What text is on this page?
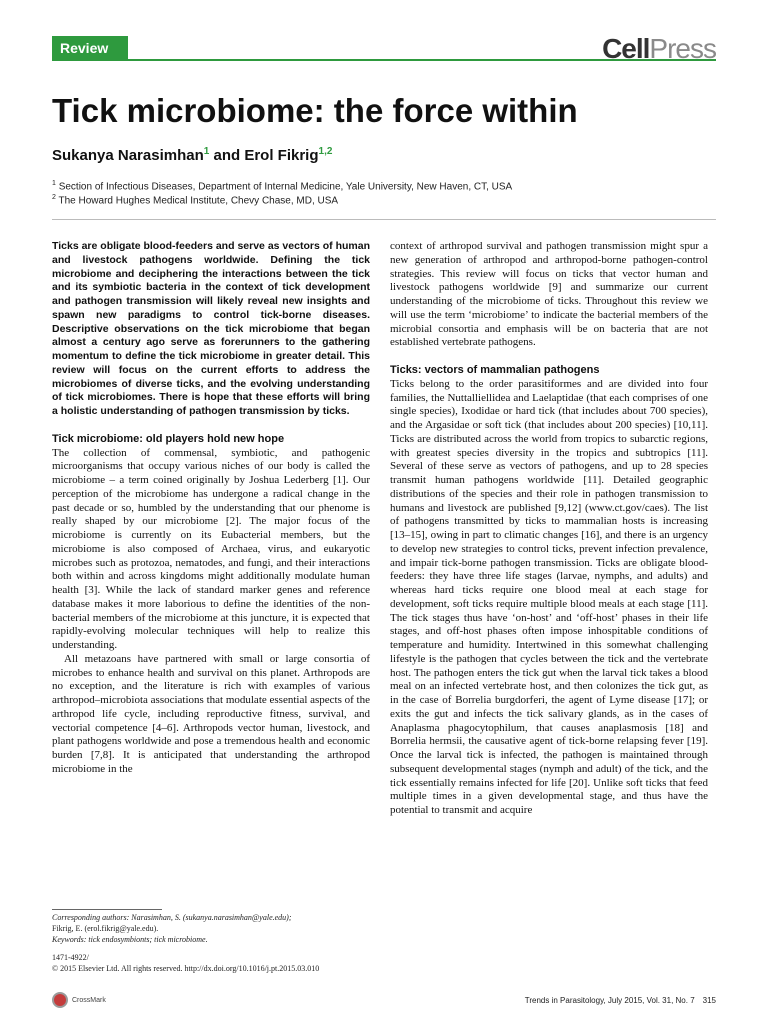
Review	CellPress
Tick microbiome: the force within
Sukanya Narasimhan$^1$ and Erol Fikrig$^{1,2}$
$^1$ Section of Infectious Diseases, Department of Internal Medicine, Yale University, New Haven, CT, USA
$^2$ The Howard Hughes Medical Institute, Chevy Chase, MD, USA

Ticks are obligate blood-feeders and serve as vectors of human and livestock pathogens worldwide. Defining the tick microbiome and deciphering the interactions between the tick and its symbiotic bacteria in the context of tick development and pathogen transmission will likely reveal new insights and spawn new paradigms to control tick-borne diseases. Descriptive observations on the tick microbiome that began almost a century ago serve as forerunners to the gathering momentum to define the tick microbiome in greater detail. This review will focus on the current efforts to address the microbiomes of diverse ticks, and the evolving understanding of tick microbiomes. There is hope that these efforts will bring a holistic understanding of pathogen transmission by ticks.

Tick microbiome: old players hold new hope

The collection of commensal, symbiotic, and pathogenic microorganisms that occupy various niches of our body is called the microbiome – a term coined originally by Joshua Lederberg [1]. Our perception of the microbiome has undergone a radical change in the past decade or so, humbled by the understanding that our phenome is really shaped by our microbiome [2]. The major focus of the microbiome is currently on its Eubacterial members, but the microbiome is also composed of Archaea, virus, and eukaryotic microbes such as protozoa, nematodes, and fungi, and their interactions both within and across kingdoms might additionally modulate human health [3]. While the lack of standard marker genes and reference database makes it more laborious to define the identities of the non-bacterial members of the microbiome at this juncture, it is expected that rapidly-evolving molecular techniques will help to realize this understanding.

All metazoans have partnered with small or large consortia of microbes to enhance health and survival on this planet. Arthropods are no exception, and the literature is rich with examples of various arthropod–microbiota associations that modulate essential aspects of the arthropod life cycle, including reproductive fitness, survival, and vectorial competence [4–6]. Arthropods vector human, livestock, and plant pathogens worldwide and pose a tremendous health and economic burden [7,8]. It is anticipated that understanding the arthropod microbiome in the

Corresponding authors: Narasimhan, S. (sukanya.narasimhan@yale.edu);
Fikrig, E. (erol.fikrig@yale.edu).
Keywords: tick endosymbionts; tick microbiome.
1471-4922/
© 2015 Elsevier Ltd. All rights reserved. http://dx.doi.org/10.1016/j.pt.2015.03.010
CrossMark

context of arthropod survival and pathogen transmission might spur a new generation of arthropod and arthropod-borne pathogen-control strategies. This review will focus on ticks that vector human and livestock pathogens worldwide [9] and summarize our current understanding of the microbiome of ticks. Throughout this review we will use the term ‘microbiome’ to indicate the bacterial members of the microbial consortia and emphasis will be on bacteria that are not established vertebrate pathogens.

Ticks: vectors of mammalian pathogens

Ticks belong to the order parasitiformes and are divided into four families, the Nuttalliellidea and Laelaptidae (that each comprises of one single species), Ixodidae or hard tick (that includes about 700 species), and the Argasidae or soft tick (that includes about 200 species) [10,11]. Ticks are distributed across the world from tropics to subarctic regions, with greatest species diversity in the tropics and subtropics [11]. Several of these serve as vectors of pathogens, and up to 28 species transmit human pathogens worldwide [11]. Detailed geographic distributions of the species and their role in pathogen transmission to humans and livestock are published [9,12] (www.ct.gov/caes). The list of pathogens transmitted by ticks to mammalian hosts is increasing [13–15], owing in part to climatic changes [16], and there is an urgency to develop new strategies to control ticks, prevent infection prevalence, and impair tick-borne pathogen transmission. Ticks are obligate blood-feeders: they have three life stages (larvae, nymphs, and adults) and whereas hard ticks require one blood meal at each stage for development, soft ticks require multiple blood meals at each stage [11]. The tick stages thus have ‘on-host’ and ‘off-host’ phases in their life stages, and off-host phases often impose inhospitable conditions of temperature and humidity. Intertwined in this somewhat challenging lifestyle is the pathogen that cycles between the tick and the vertebrate host. The pathogen enters the tick gut when the larval tick takes a blood meal on an infected vertebrate host, and then colonizes the tick gut, as in the case of Borrelia burgdorferi, the agent of Lyme disease [17]; or exits the gut and infects the tick salivary glands, as in the cases of Anaplasma phagocytophilum, that causes anaplasmosis [18] and Borrelia hermsii, the causative agent of tick-borne relapsing fever [19]. Once the larval tick is infected, the pathogen is maintained through subsequent developmental stages (nymph and adult) of the tick, and the tick essentially remains infected for life [20]. Unlike soft ticks that feed multiple times in a given developmental stage, and thus have the potential to transmit and acquire

Trends in Parasitology, July 2015, Vol. 31, No. 7 315
